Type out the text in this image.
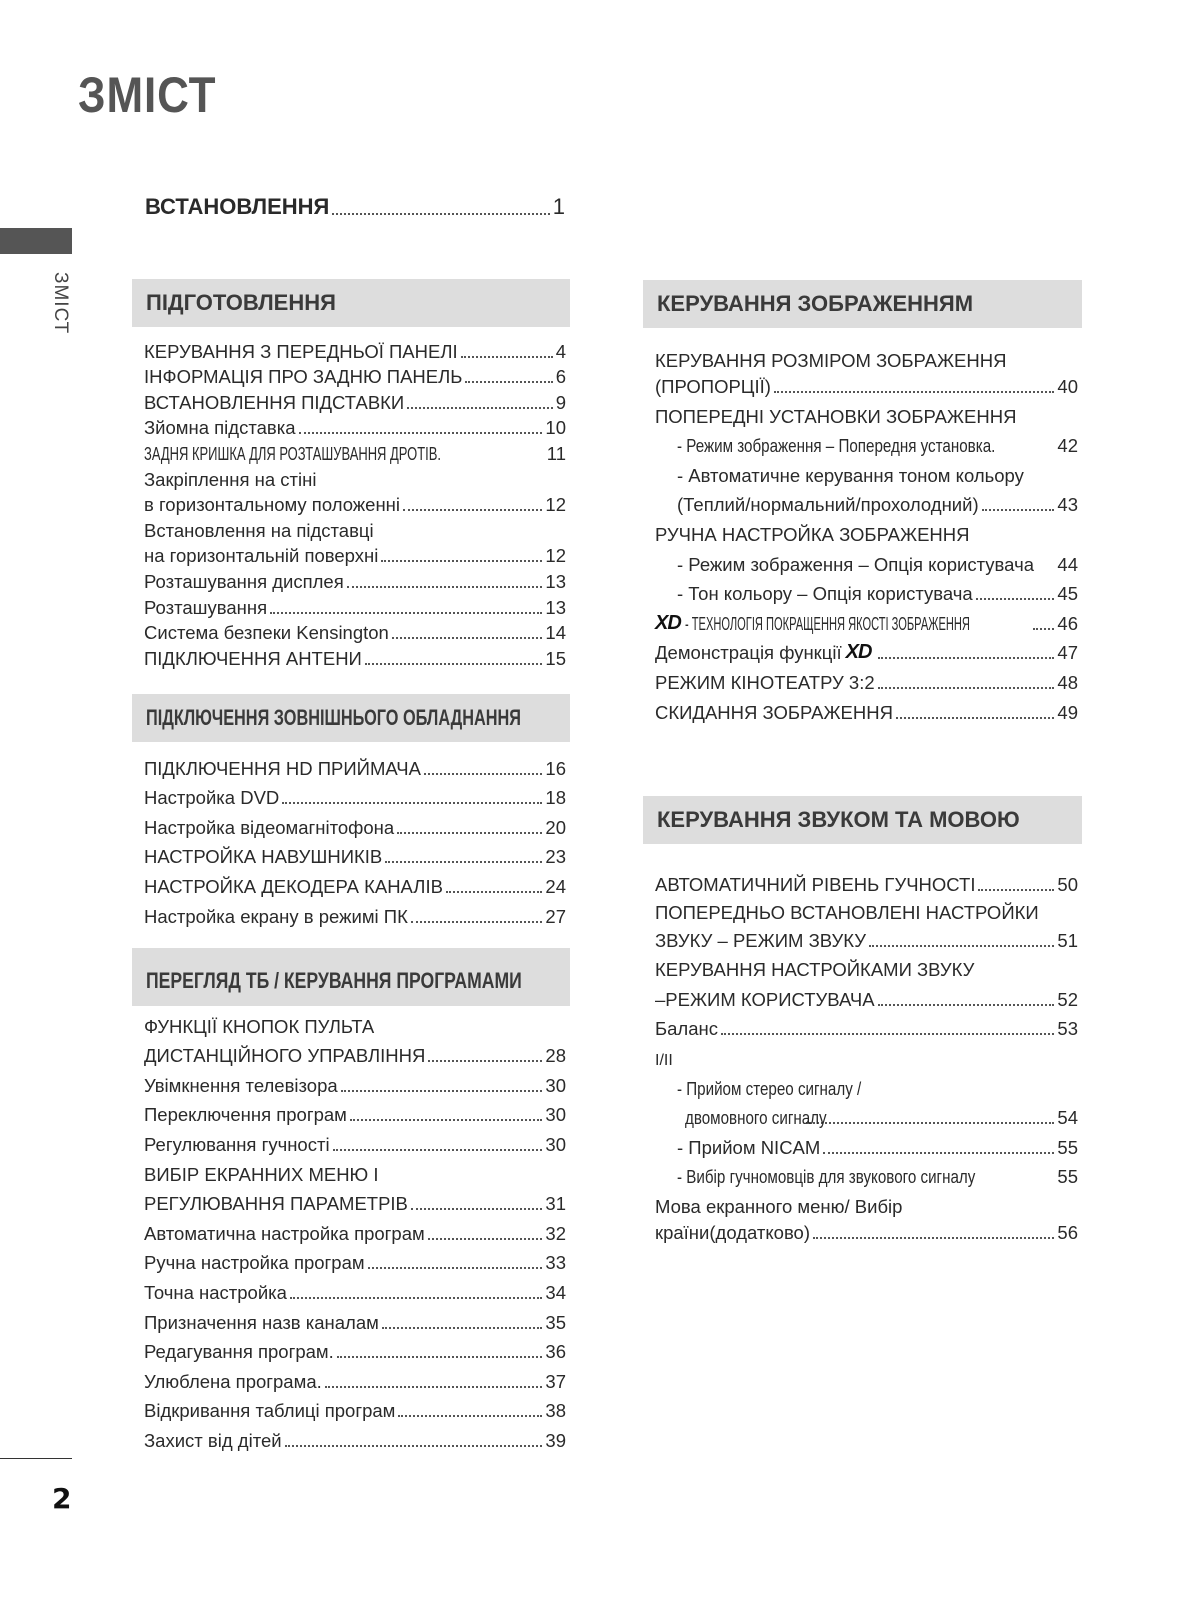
ЗМІСТ
ЗМІСТ
2
ВСТАНОВЛЕННЯ	1
ПІДГОТОВЛЕННЯ
КЕРУВАННЯ З ПЕРЕДНЬОЇ ПАНЕЛІ	4
ІНФОРМАЦІЯ ПРО ЗАДНЮ ПАНЕЛЬ	6
ВСТАНОВЛЕННЯ ПІДСТАВКИ	9
Зйомна підставка	10
ЗАДНЯ КРИШКА ДЛЯ РОЗТАШУВАННЯ ДРОТІВ.	11
Закріплення на стіні
в горизонтальному положенні	12
Встановлення на підставці
на горизонтальній поверхні	12
Розташування дисплея	13
Розташування	13
Система безпеки Kensington	14
ПІДКЛЮЧЕННЯ АНТЕНИ	15
ПІДКЛЮЧЕННЯ ЗОВНІШНЬОГО ОБЛАДНАННЯ
ПІДКЛЮЧЕННЯ HD ПРИЙМАЧА	16
Настройка DVD	18
Настройка відеомагнітофона	20
НАСТРОЙКА НАВУШНИКІВ	23
НАСТРОЙКА ДЕКОДЕРА КАНАЛІВ	24
Настройка екрану в режимі ПК	27
ПЕРЕГЛЯД ТБ / КЕРУВАННЯ ПРОГРАМАМИ
ФУНКЦІЇ КНОПОК ПУЛЬТА
ДИСТАНЦІЙНОГО УПРАВЛІННЯ	28
Увімкнення телевізора	30
Переключення програм	30
Регулювання гучності	30
ВИБІР ЕКРАННИХ МЕНЮ І
РЕГУЛЮВАННЯ ПАРАМЕТРІВ	31
Автоматична настройка програм	32
Ручна настройка програм	33
Точна настройка	34
Призначення назв каналам	35
Редагування програм.	36
Улюблена програма.	37
Відкривання таблиці програм	38
Захист від дітей	39
КЕРУВАННЯ ЗОБРАЖЕННЯМ
КЕРУВАННЯ РОЗМІРОМ ЗОБРАЖЕННЯ
(ПРОПОРЦІЇ)	40
ПОПЕРЕДНІ УСТАНОВКИ ЗОБРАЖЕННЯ
- Режим зображення – Попередня установка.	42
- Автоматичне керування тоном кольору
(Теплий/нормальний/прохолодний)	43
РУЧНА НАСТРОЙКА ЗОБРАЖЕННЯ
- Режим зображення – Опція користувача 44
- Тон кольору – Опція користувача	45
XD - ТЕХНОЛОГІЯ ПОКРАЩЕННЯ ЯКОСТІ ЗОБРАЖЕННЯ	46
Демонстрація функції XD	47
РЕЖИМ КІНОТЕАТРУ 3:2	48
СКИДАННЯ ЗОБРАЖЕННЯ	49
КЕРУВАННЯ ЗВУКОМ ТА МОВОЮ
АВТОМАТИЧНИЙ РІВЕНЬ ГУЧНОСТІ	50
ПОПЕРЕДНЬО ВСТАНОВЛЕНІ НАСТРОЙКИ
ЗВУКУ – РЕЖИМ ЗВУКУ	51
КЕРУВАННЯ НАСТРОЙКАМИ ЗВУКУ
–РЕЖИМ КОРИСТУВАЧА	52
Баланс	53
I/II
- Прийом стерео сигналу /
двомовного сигналу	54
- Прийом NICAM	55
- Вибір гучномовців для звукового сигналу	55
Мова екранного меню/ Вибір
країни(додатково)	56
